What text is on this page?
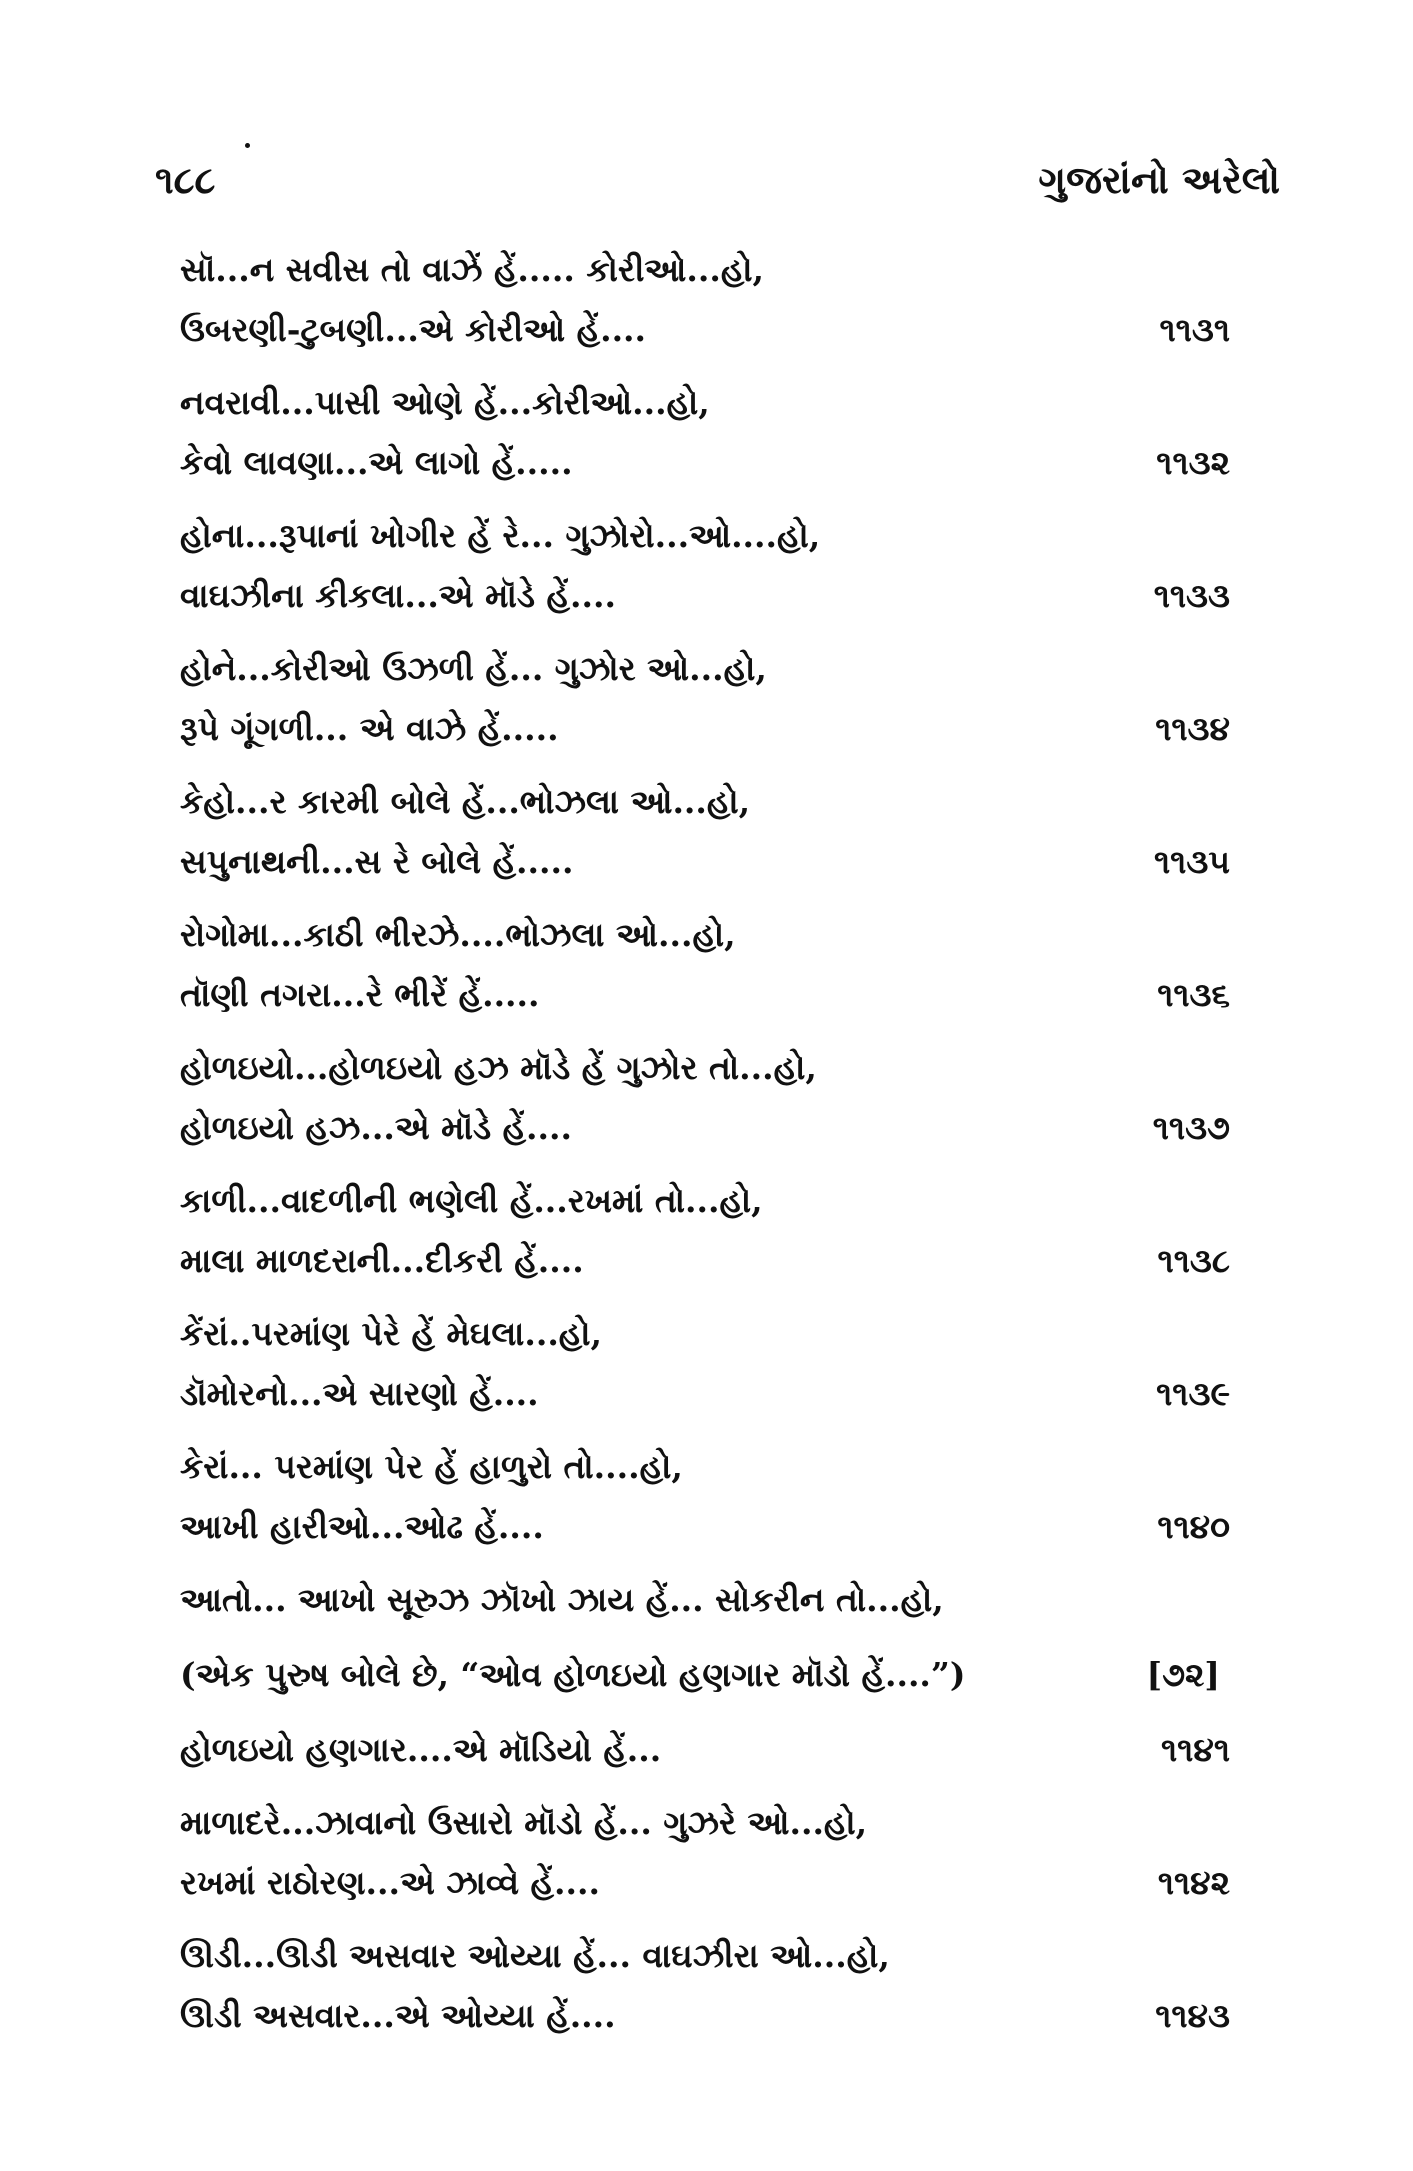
૧૮૮	ગુજરાંનો અરેલો
સૉ...ન સવીસ તો વાઝેં હેં..... કોરીઓ...હો,
ઉબરણી-ટુબણી...એ કોરીઓ હેં....	૧૧૩૧
નવરાવી...પાસી ઓણે હેં...કોરીઓ...હો,
કેવો લાવણા...એ લાગો હેં.....	૧૧૩૨
હોના...રૂપાનાં ખોગીર હેં રે... ગુઝોરો...ઓ....હો,
વાઘઝીના કીકલા...એ મૉડે હેં....	૧૧૩૩
હોને...કોરીઓ ઉઝળી હેં... ગુઝોર ઓ...હો,
રૂપે ગૂંગળી... એ વાઝે હેં.....	૧૧૩૪
કેહો...ર કારમી બોલે હેં...ભોઝલા ઓ...હો,
સપુનાથની...સ રે બોલે હેં.....	૧૧૩૫
રોગોમા...કાઠી ભીરઝે....ભોઝલા ઓ...હો,
તૉણી તગરા...રે ભીરેં હેં.....	૧૧૩૬
હોળઇયો...હોળઇયો હઝ મૉડે હેં ગુઝોર તો...હો,
હોળઇયો હઝ...એ મૉડે હેં....	૧૧૩૭
કાળી...વાદળીની ભણેલી હેં...રખમાં તો...હો,
માલા માળદરાની...દીકરી હેં....	૧૧૩૮
કેંરાં..પરમાંણ પેરે હેં મેઘલા...હો,
ડૉમોરનો...એ સારણો હેં....	૧૧૩૯
કેરાં... પરમાંણ પેર હેં હાળુરો તો....હો,
આખી હારીઓ...ઓઢ હેં....	૧૧૪૦
આતો... આખો સૂરુઝ ઝૉખો ઝાય હેં... સોકરીન તો...હો,
(એક પુરુષ બોલે છે, “ઓવ હોળઇયો હણગાર મૉડો હેં....”)	[૭૨]
હોળઇયો હણગાર....એ મૉડિયો હેં...	૧૧૪૧
માળાદરે...ઝાવાનો ઉસારો મૉડો હેં... ગુઝરે ઓ...હો,
રખમાં રાઠોરણ...એ ઝાવ્વે હેં....	૧૧૪૨
ઊડી...ઊડી અસવાર ઓય્યા હેં... વાઘઝીરા ઓ...હો,
ઊડી અસવાર...એ ઓય્યા હેં....	૧૧૪૩
